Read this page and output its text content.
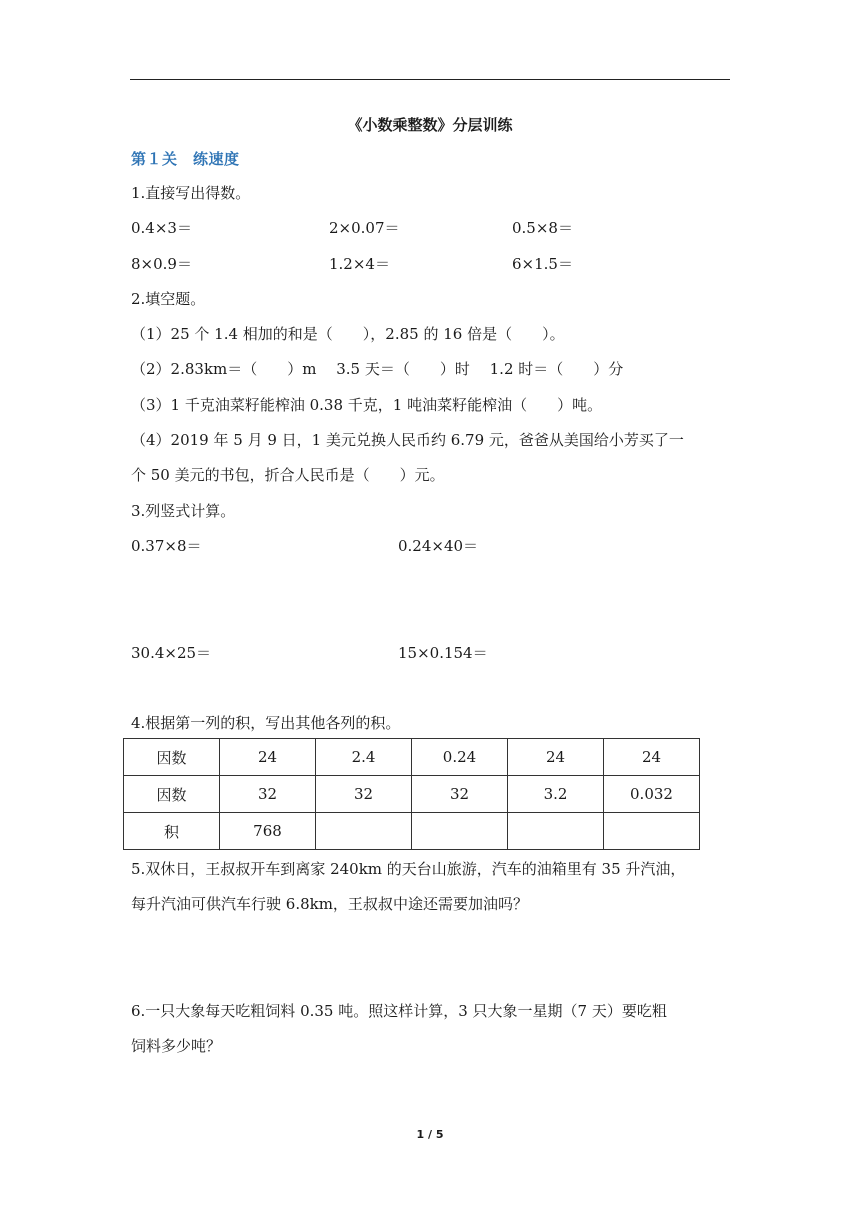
《小数乘整数》分层训练
第１关　练速度
1.直接写出得数。
0.4×3＝	2×0.07＝	0.5×8＝
8×0.9＝	1.2×4＝	6×1.5＝
2.填空题。
（1）25 个 1.4 相加的和是（　　），2.85 的 16 倍是（　　）。
（2）2.83km＝（　　）m　 3.5 天＝（　　）时　 1.2 时＝（　　）分
（3）1 千克油菜籽能榨油 0.38 千克，1 吨油菜籽能榨油（　　）吨。
（4）2019 年 5 月 9 日，1 美元兑换人民币约 6.79 元，爸爸从美国给小芳买了一
个 50 美元的书包，折合人民币是（　　）元。
3.列竖式计算。
0.37×8＝	0.24×40＝
30.4×25＝	15×0.154＝
4.根据第一列的积，写出其他各列的积。
因数	24	2.4	0.24	24	24
因数	32	32	32	3.2	0.032
积	768				
5.双休日，王叔叔开车到离家 240km 的天台山旅游，汽车的油箱里有 35 升汽油，
每升汽油可供汽车行驶 6.8km，王叔叔中途还需要加油吗？
6.一只大象每天吃粗饲料 0.35 吨。照这样计算，3 只大象一星期（7 天）要吃粗
饲料多少吨？
1 / 5
